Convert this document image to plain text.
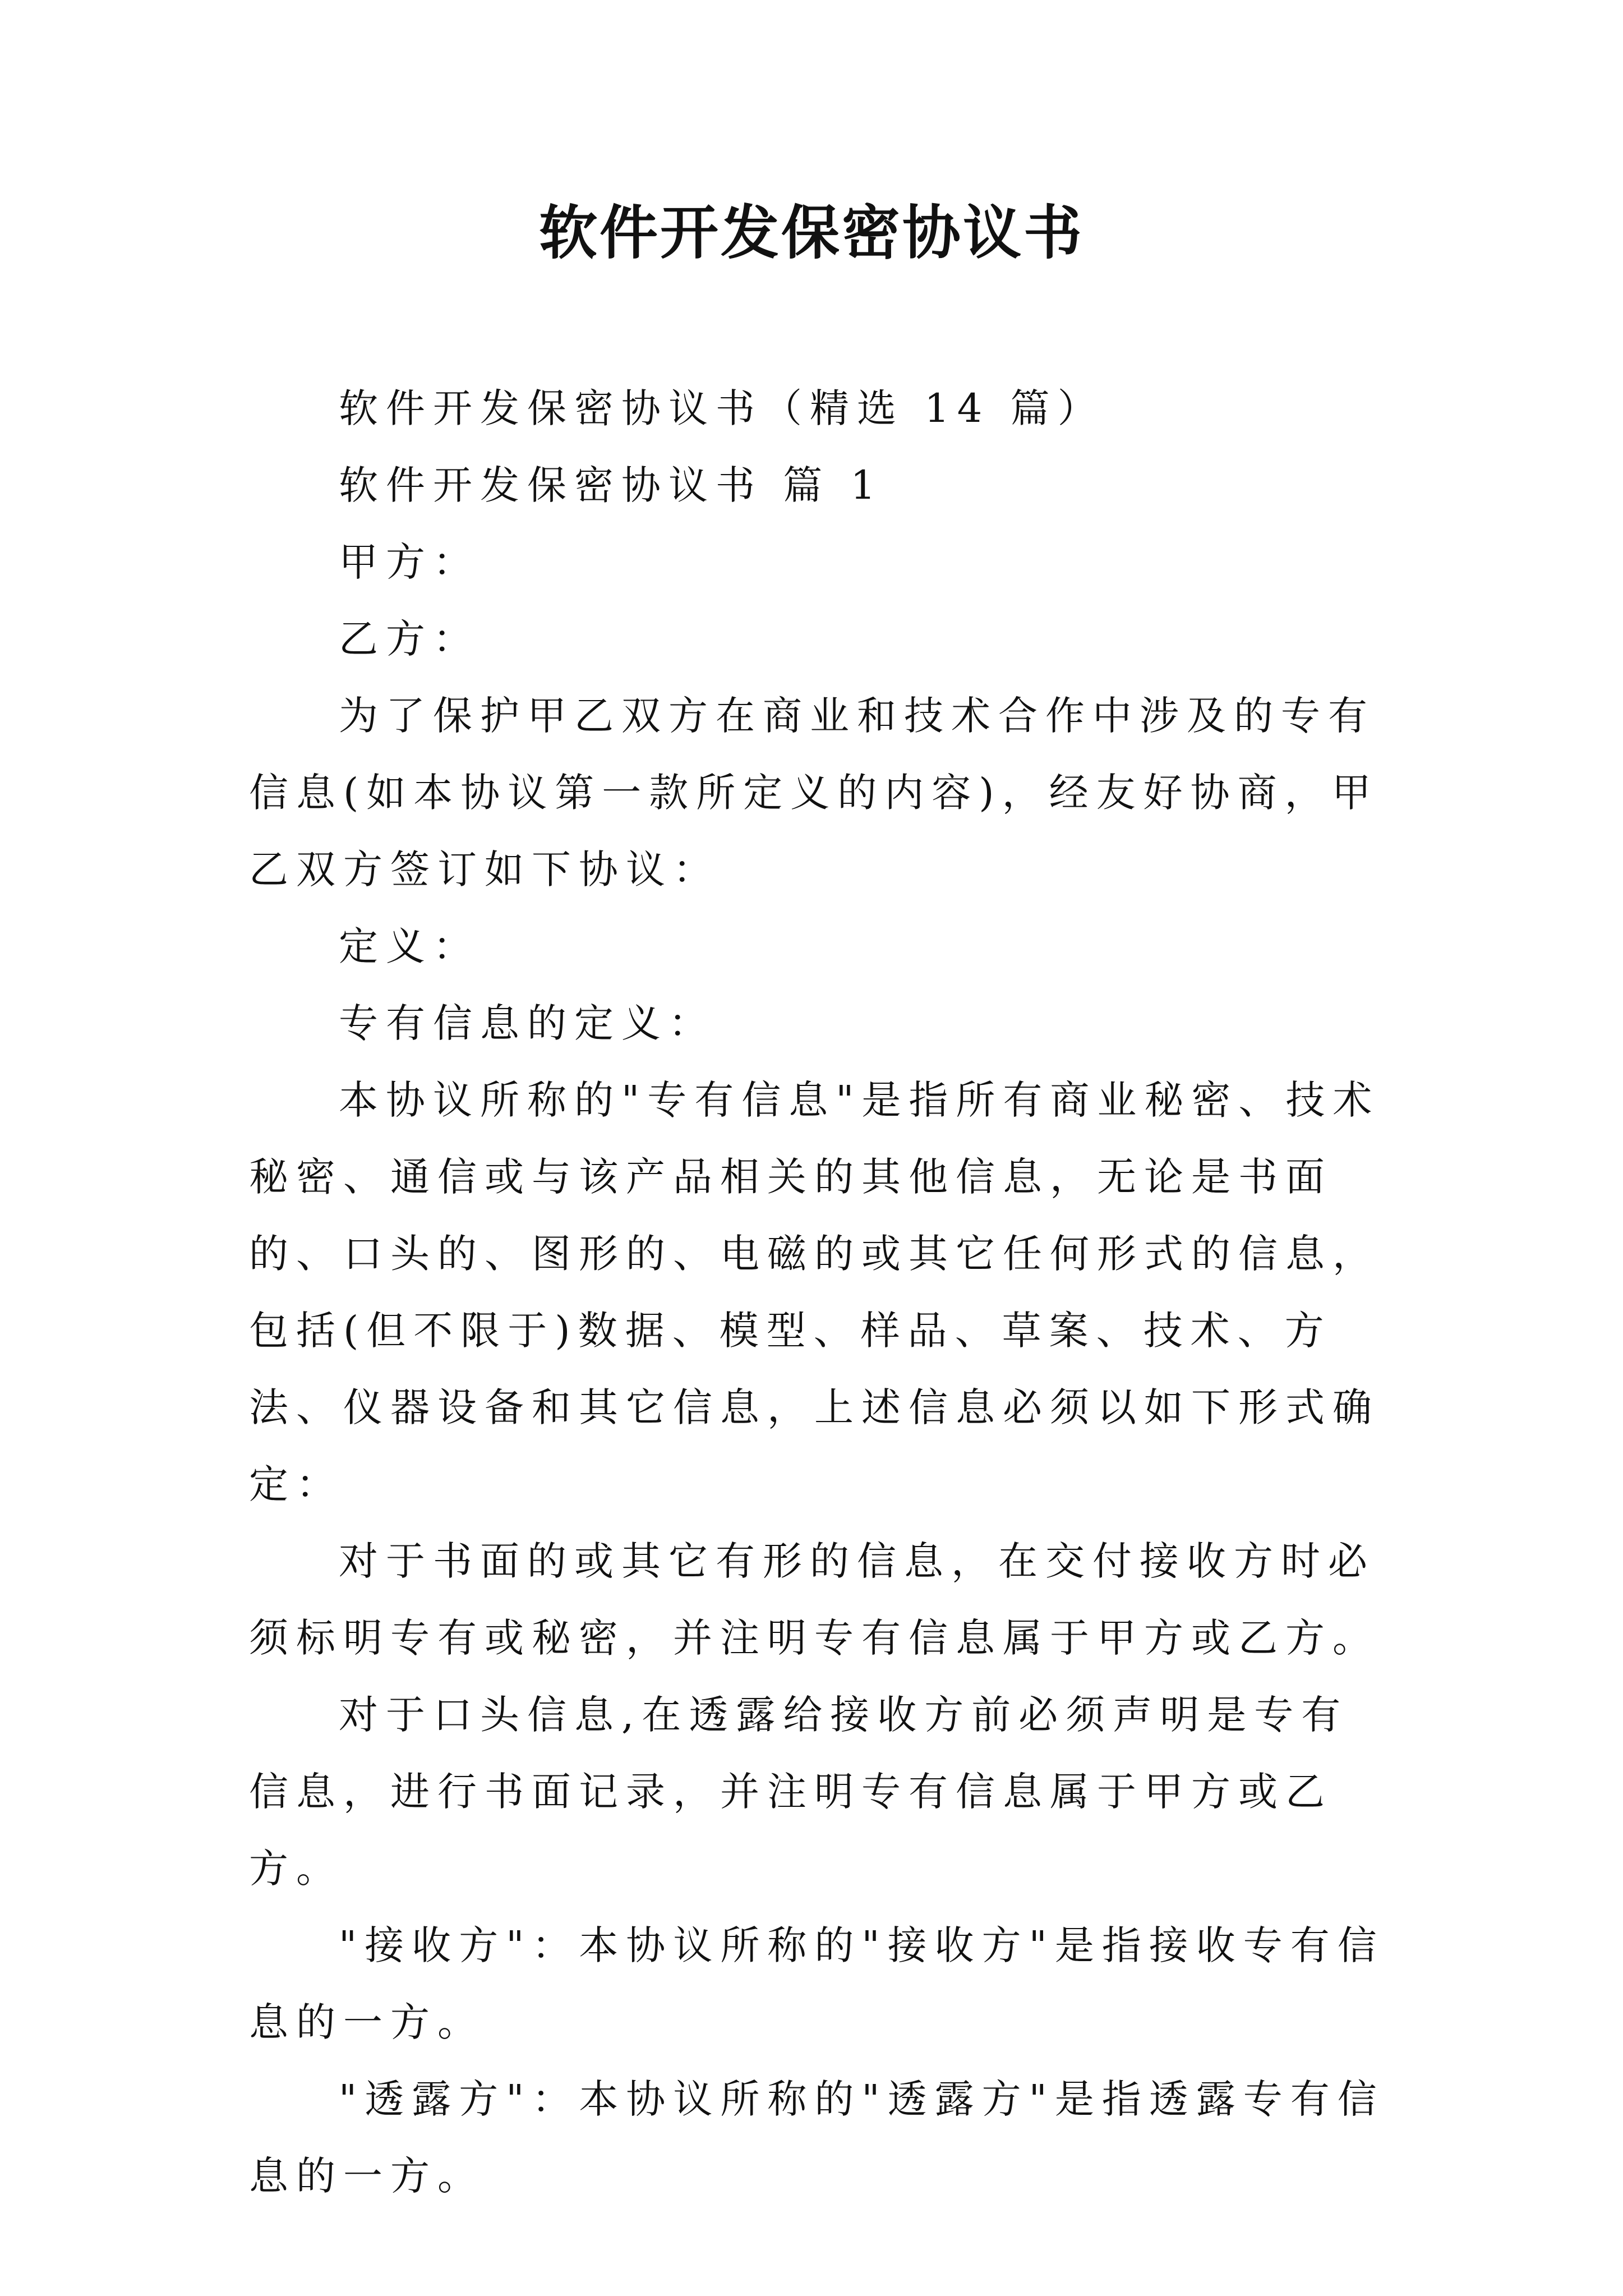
软件开发保密协议书

软件开发保密协议书（精选 14 篇）

软件开发保密协议书 篇 1

甲方：

乙方：

为了保护甲乙双方在商业和技术合作中涉及的专有信息(如本协议第一款所定义的内容)，经友好协商，甲乙双方签订如下协议：

定义：

专有信息的定义：

本协议所称的"专有信息"是指所有商业秘密、技术秘密、通信或与该产品相关的其他信息，无论是书面的、口头的、图形的、电磁的或其它任何形式的信息，包括(但不限于)数据、模型、样品、草案、技术、方法、仪器设备和其它信息，上述信息必须以如下形式确定：

对于书面的或其它有形的信息，在交付接收方时必须标明专有或秘密，并注明专有信息属于甲方或乙方。

对于口头信息,在透露给接收方前必须声明是专有信息，进行书面记录，并注明专有信息属于甲方或乙方。

"接收方"：本协议所称的"接收方"是指接收专有信息的一方。

"透露方"：本协议所称的"透露方"是指透露专有信息的一方。
